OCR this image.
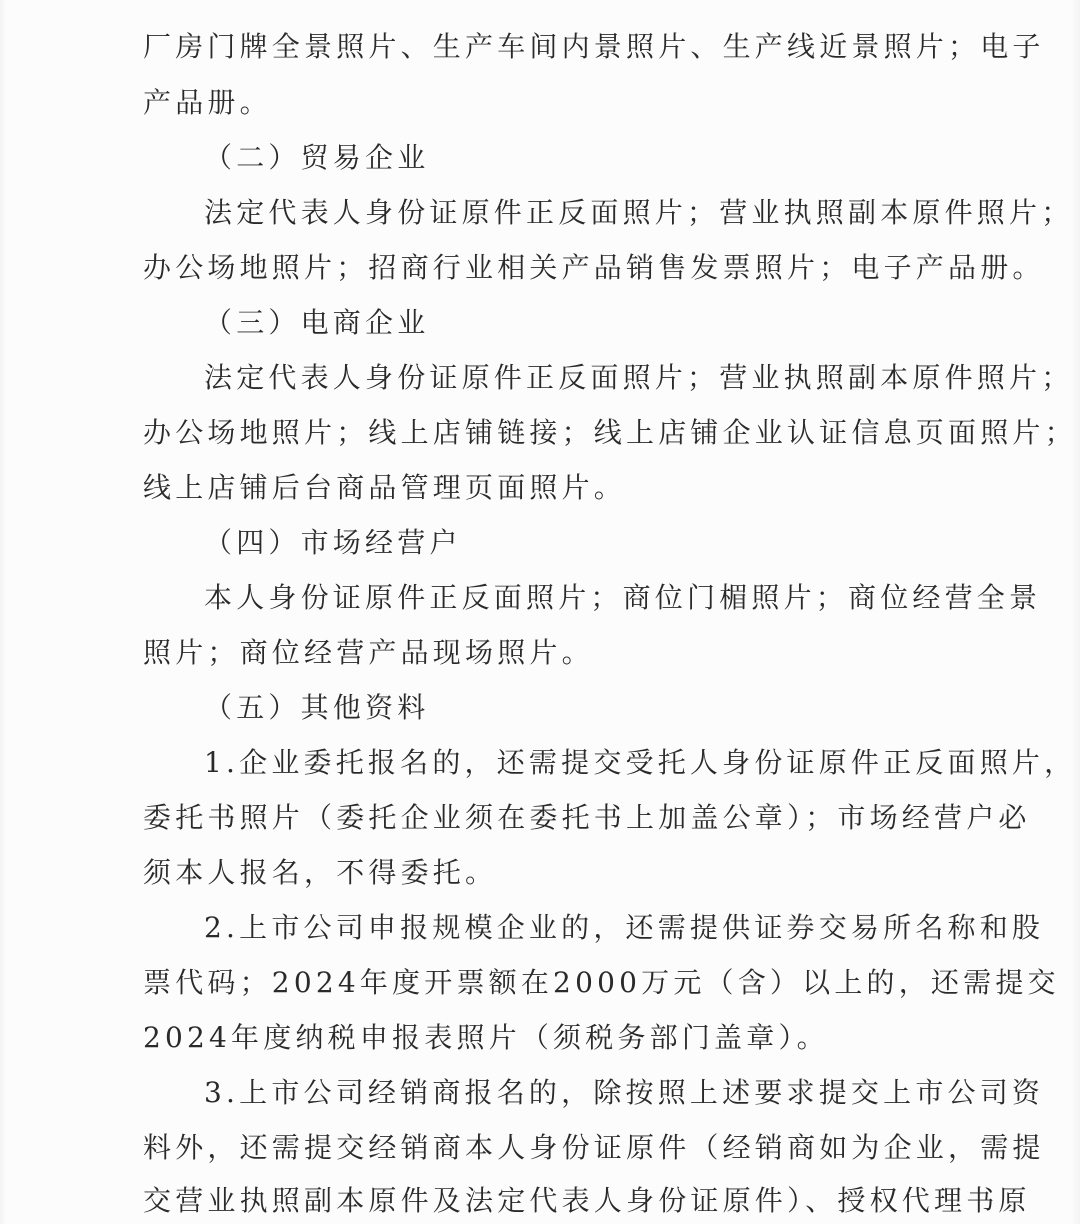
厂房门牌全景照片、生产车间内景照片、生产线近景照片；电子
产品册。
（二）贸易企业
法定代表人身份证原件正反面照片；营业执照副本原件照片；
办公场地照片；招商行业相关产品销售发票照片；电子产品册。
（三）电商企业
法定代表人身份证原件正反面照片；营业执照副本原件照片；
办公场地照片；线上店铺链接；线上店铺企业认证信息页面照片；
线上店铺后台商品管理页面照片。
（四）市场经营户
本人身份证原件正反面照片；商位门楣照片；商位经营全景
照片；商位经营产品现场照片。
（五）其他资料
1.企业委托报名的，还需提交受托人身份证原件正反面照片，
委托书照片（委托企业须在委托书上加盖公章）；市场经营户必
须本人报名，不得委托。
2.上市公司申报规模企业的，还需提供证券交易所名称和股
票代码；2024年度开票额在2000万元（含）以上的，还需提交
2024年度纳税申报表照片（须税务部门盖章）。
3.上市公司经销商报名的，除按照上述要求提交上市公司资
料外，还需提交经销商本人身份证原件（经销商如为企业，需提
交营业执照副本原件及法定代表人身份证原件）、授权代理书原
